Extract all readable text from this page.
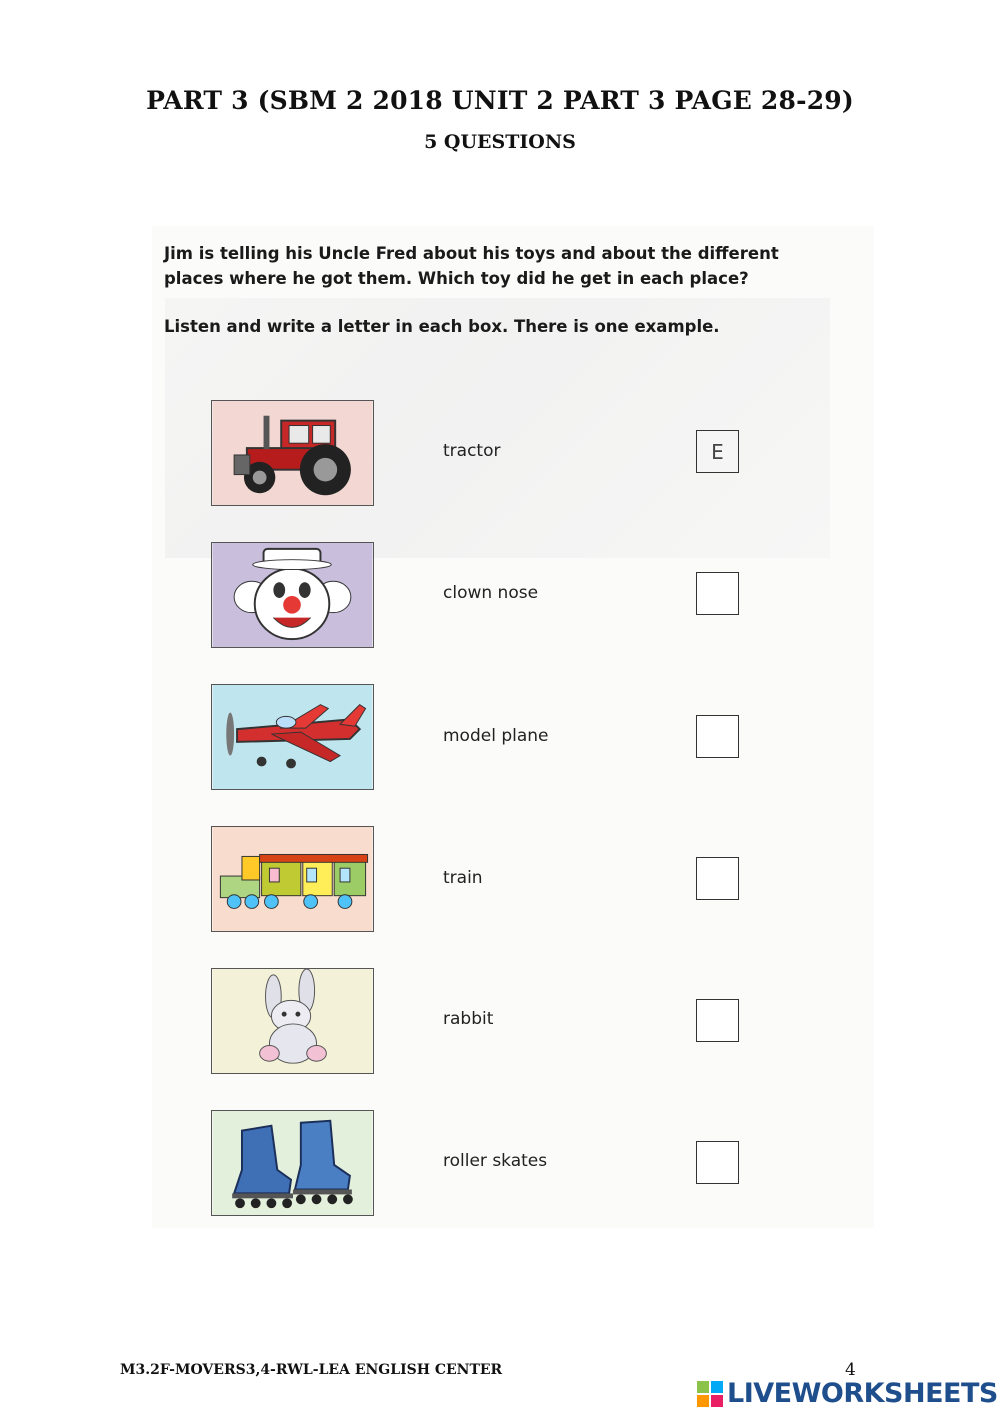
PART 3 (SBM 2 2018 UNIT 2 PART 3 PAGE 28-29)
5 QUESTIONS
Jim is telling his Uncle Fred about his toys and about the different
places where he got them. Which toy did he get in each place?
Listen and write a letter in each box. There is one example.
tractor	E
clown nose
model plane
train
rabbit
roller skates
M3.2F-MOVERS3,4-RWL-LEA ENGLISH CENTER	4
LIVEWORKSHEETS
